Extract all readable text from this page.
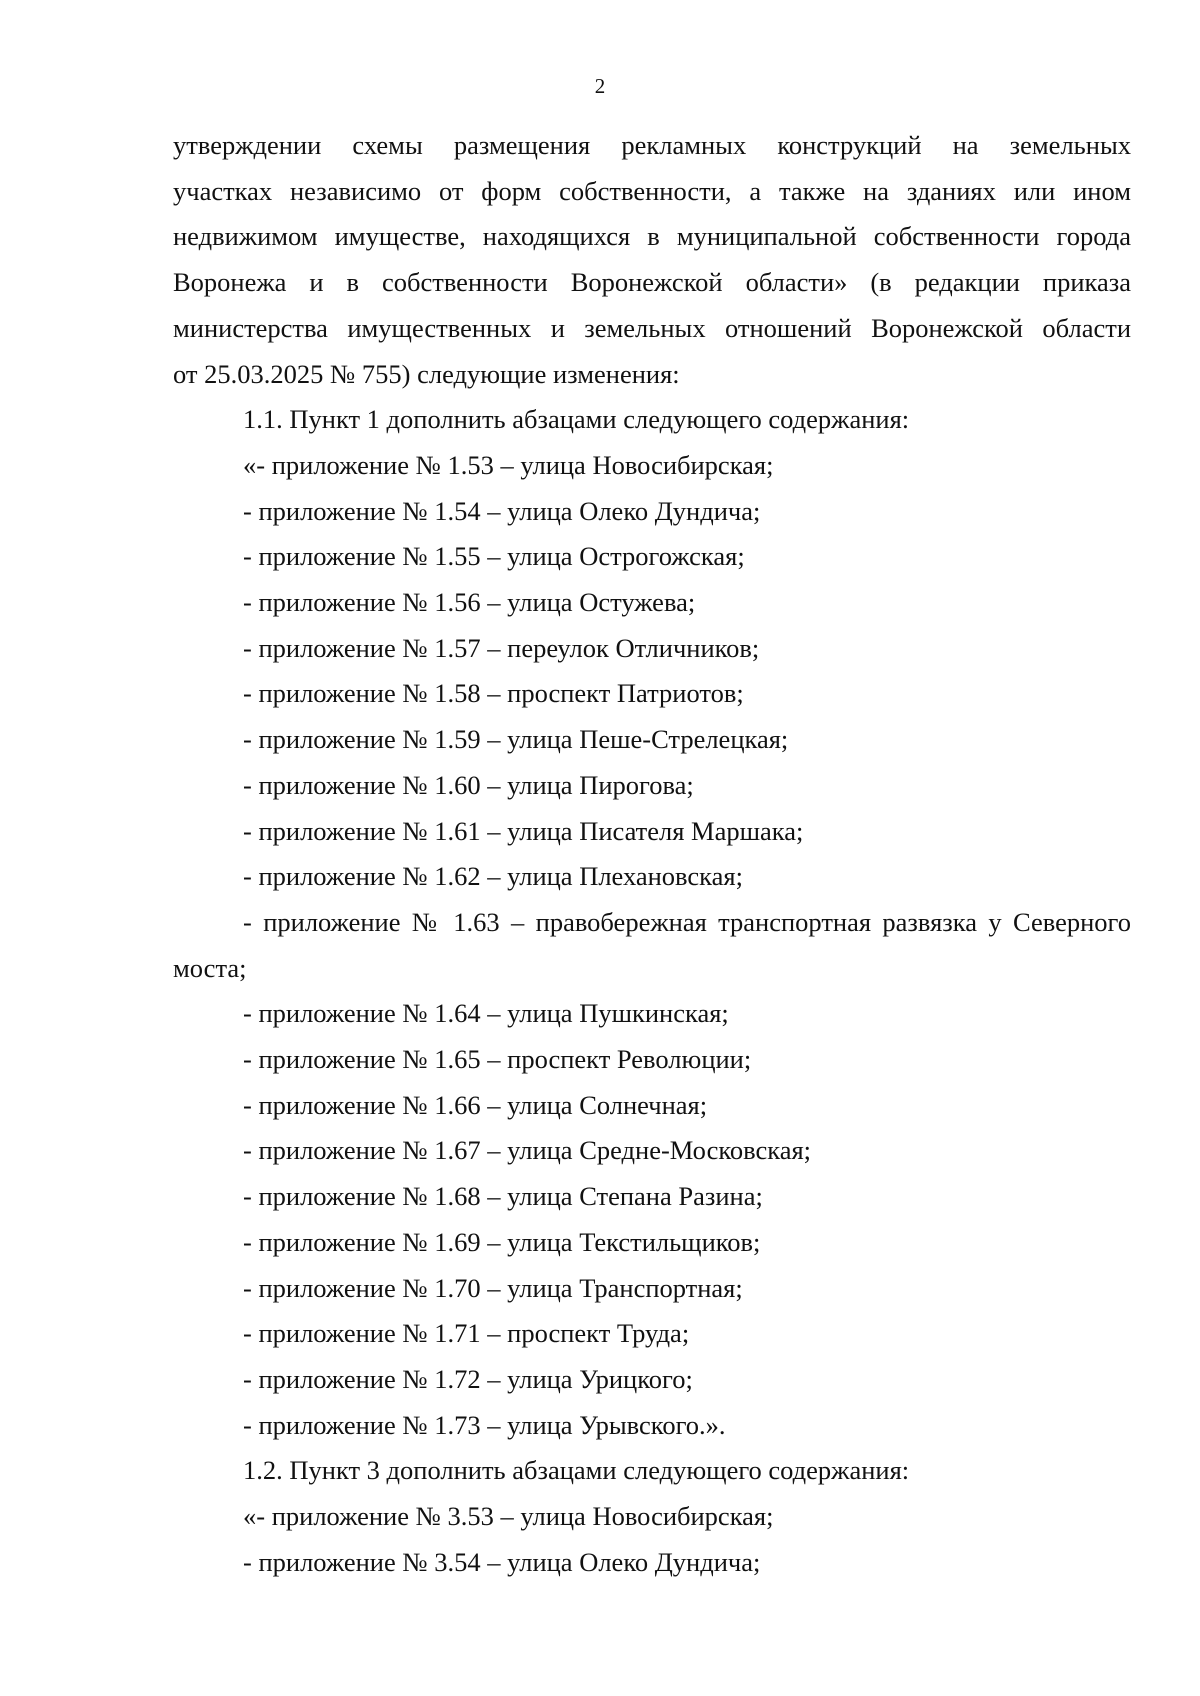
2

утверждении схемы размещения рекламных конструкций на земельных

участках независимо от форм собственности, а также на зданиях или ином

недвижимом имуществе, находящихся в муниципальной собственности города

Воронежа и в собственности Воронежской области» (в редакции приказа

министерства имущественных и земельных отношений Воронежской области

от 25.03.2025 № 755) следующие изменения:

1.1. Пункт 1 дополнить абзацами следующего содержания:

«- приложение № 1.53 – улица Новосибирская;

- приложение № 1.54 – улица Олеко Дундича;

- приложение № 1.55 – улица Острогожская;

- приложение № 1.56 – улица Остужева;

- приложение № 1.57 – переулок Отличников;

- приложение № 1.58 – проспект Патриотов;

- приложение № 1.59 – улица Пеше-Стрелецкая;

- приложение № 1.60 – улица Пирогова;

- приложение № 1.61 – улица Писателя Маршака;

- приложение № 1.62 – улица Плехановская;

- приложение № 1.63 – правобережная транспортная развязка у Северного

моста;

- приложение № 1.64 – улица Пушкинская;

- приложение № 1.65 – проспект Революции;

- приложение № 1.66 – улица Солнечная;

- приложение № 1.67 – улица Средне-Московская;

- приложение № 1.68 – улица Степана Разина;

- приложение № 1.69 – улица Текстильщиков;

- приложение № 1.70 – улица Транспортная;

- приложение № 1.71 – проспект Труда;

- приложение № 1.72 – улица Урицкого;

- приложение № 1.73 – улица Урывского.».

1.2. Пункт 3 дополнить абзацами следующего содержания:

«- приложение № 3.53 – улица Новосибирская;

- приложение № 3.54 – улица Олеко Дундича;
